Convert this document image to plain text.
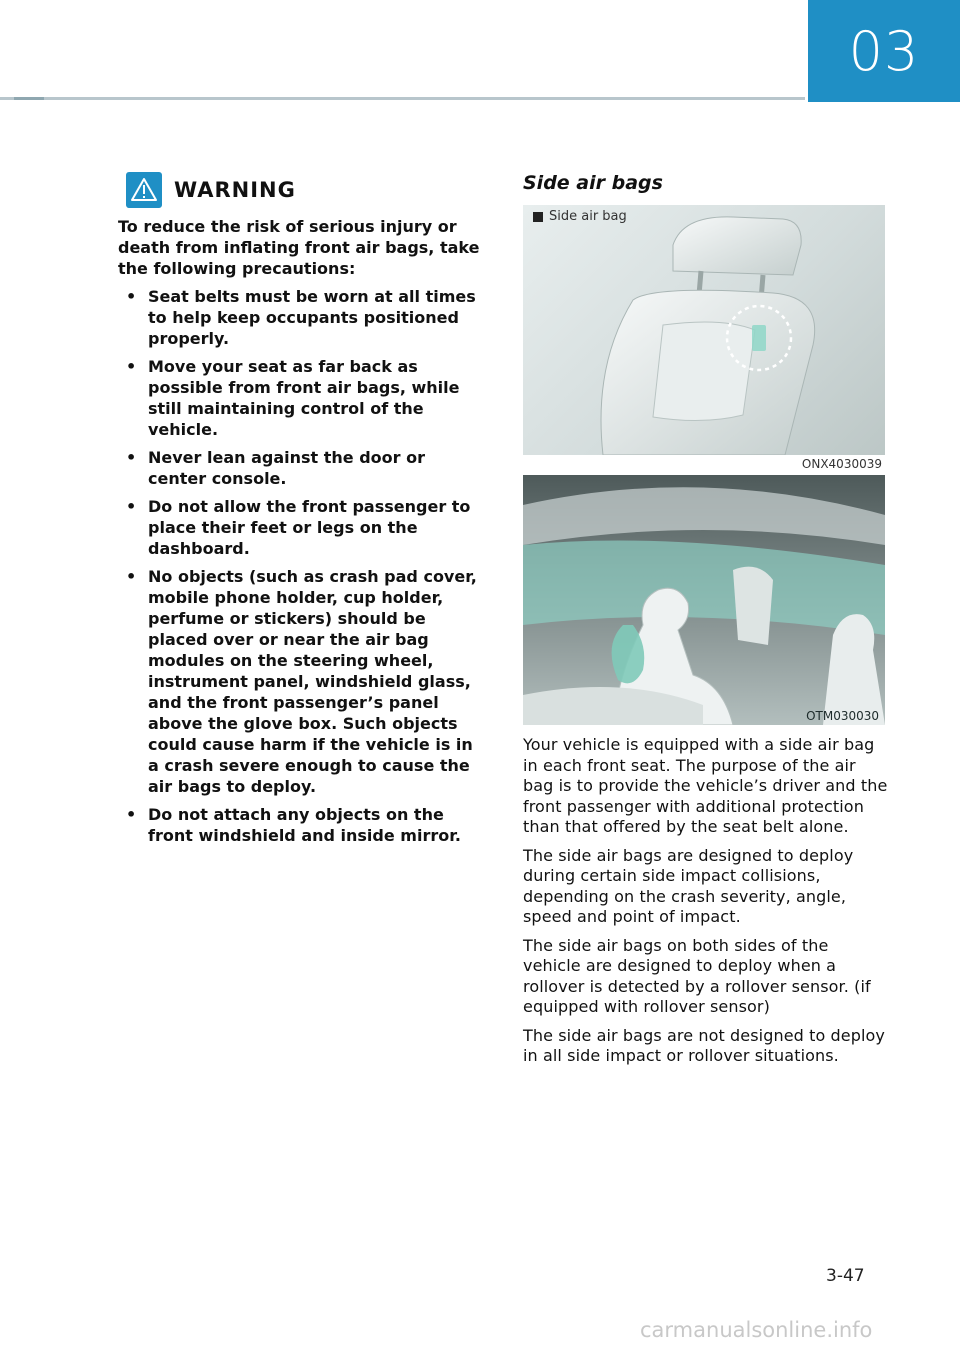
03
WARNING
To reduce the risk of serious injury or death from inflating front air bags, take the following precautions:
• Seat belts must be worn at all times to help keep occupants positioned properly.
• Move your seat as far back as possible from front air bags, while still maintaining control of the vehicle.
• Never lean against the door or center console.
• Do not allow the front passenger to place their feet or legs on the dashboard.
• No objects (such as crash pad cover, mobile phone holder, cup holder, perfume or stickers) should be placed over or near the air bag modules on the steering wheel, instrument panel, windshield glass, and the front passenger’s panel above the glove box. Such objects could cause harm if the vehicle is in a crash severe enough to cause the air bags to deploy.
• Do not attach any objects on the front windshield and inside mirror.
Side air bags
Side air bag
ONX4030039
OTM030030

Your vehicle is equipped with a side air bag in each front seat. The purpose of the air bag is to provide the vehicle’s driver and the front passenger with additional protection than that offered by the seat belt alone.

The side air bags are designed to deploy during certain side impact collisions, depending on the crash severity, angle, speed and point of impact.

The side air bags on both sides of the vehicle are designed to deploy when a rollover is detected by a rollover sensor. (if equipped with rollover sensor)

The side air bags are not designed to deploy in all side impact or rollover situations.

3-47
carmanualsonline.info
